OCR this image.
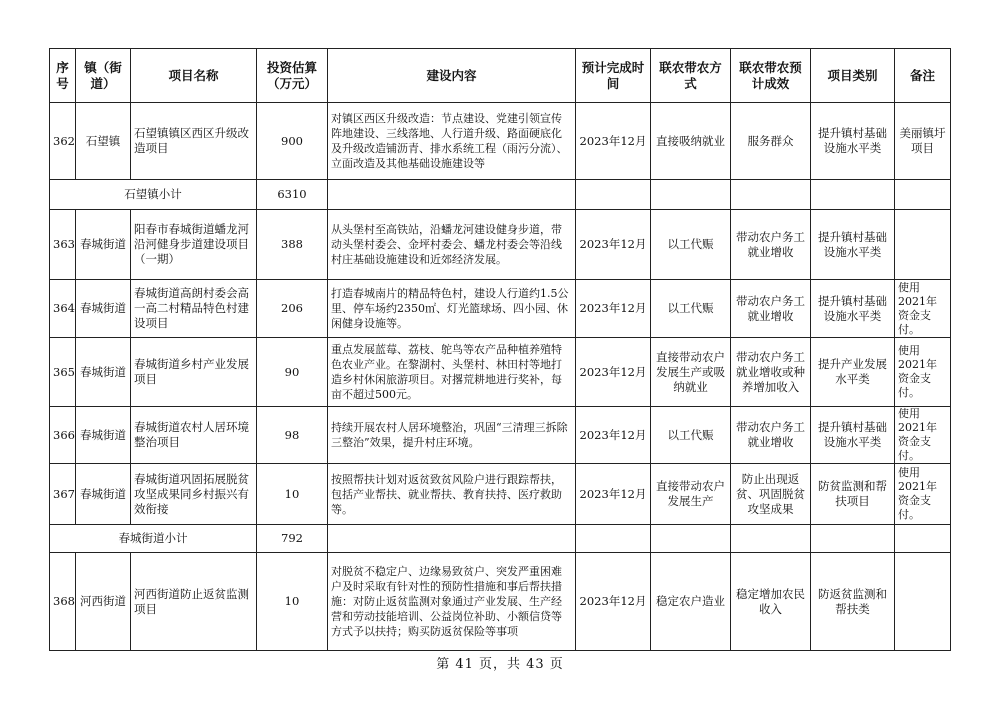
序号	镇（街道）	项目名称	投资估算（万元）	建设内容	预计完成时间	联农带农方式	联农带农预计成效	项目类别	备注
362	石望镇	石望镇镇区西区升级改造项目	900	对镇区西区升级改造：节点建设、党建引领宣传阵地建设、三线落地、人行道升级、路面硬底化及升级改造铺沥青、排水系统工程（雨污分流）、立面改造及其他基础设施建设等	2023年12月	直接吸纳就业	服务群众	提升镇村基础设施水平类	美丽镇圩项目
石望镇小计			6310						
363	春城街道	阳春市春城街道蟠龙河沿河健身步道建设项目（一期）	388	从头堡村至高铁站，沿蟠龙河建设健身步道，带动头堡村委会、金坪村委会、蟠龙村委会等沿线村庄基础设施建设和近郊经济发展。	2023年12月	以工代赈	带动农户务工就业增收	提升镇村基础设施水平类	
364	春城街道	春城街道高朗村委会高一高二村精品特色村建设项目	206	打造春城南片的精品特色村，建设人行道约1.5公里、停车场约2350㎡、灯光篮球场、四小园、休闲健身设施等。	2023年12月	以工代赈	带动农户务工就业增收	提升镇村基础设施水平类	使用2021年资金支付。
365	春城街道	春城街道乡村产业发展项目	90	重点发展蓝莓、荔枝、鸵鸟等农产品种植养殖特色农业产业。在黎湖村、头堡村、林田村等地打造乡村休闲旅游项目。对撂荒耕地进行奖补，每亩不超过500元。	2023年12月	直接带动农户发展生产或吸纳就业	带动农户务工就业增收或种养增加收入	提升产业发展水平类	使用2021年资金支付。
366	春城街道	春城街道农村人居环境整治项目	98	持续开展农村人居环境整治，巩固“三清理三拆除三整治”效果，提升村庄环境。	2023年12月	以工代赈	带动农户务工就业增收	提升镇村基础设施水平类	使用2021年资金支付。
367	春城街道	春城街道巩固拓展脱贫攻坚成果同乡村振兴有效衔接	10	按照帮扶计划对返贫致贫风险户进行跟踪帮扶，包括产业帮扶、就业帮扶、教育扶持、医疗救助等。	2023年12月	直接带动农户发展生产	防止出现返贫、巩固脱贫攻坚成果	防贫监测和帮扶项目	使用2021年资金支付。
春城街道小计			792						
368	河西街道	河西街道防止返贫监测项目	10	对脱贫不稳定户、边缘易致贫户、突发严重困难户及时采取有针对性的预防性措施和事后帮扶措施：对防止返贫监测对象通过产业发展、生产经营和劳动技能培训、公益岗位补助、小额信贷等方式予以扶持；购买防返贫保险等事项	2023年12月	稳定农户造业	稳定增加农民收入	防返贫监测和帮扶类	
第 41 页，共 43 页
